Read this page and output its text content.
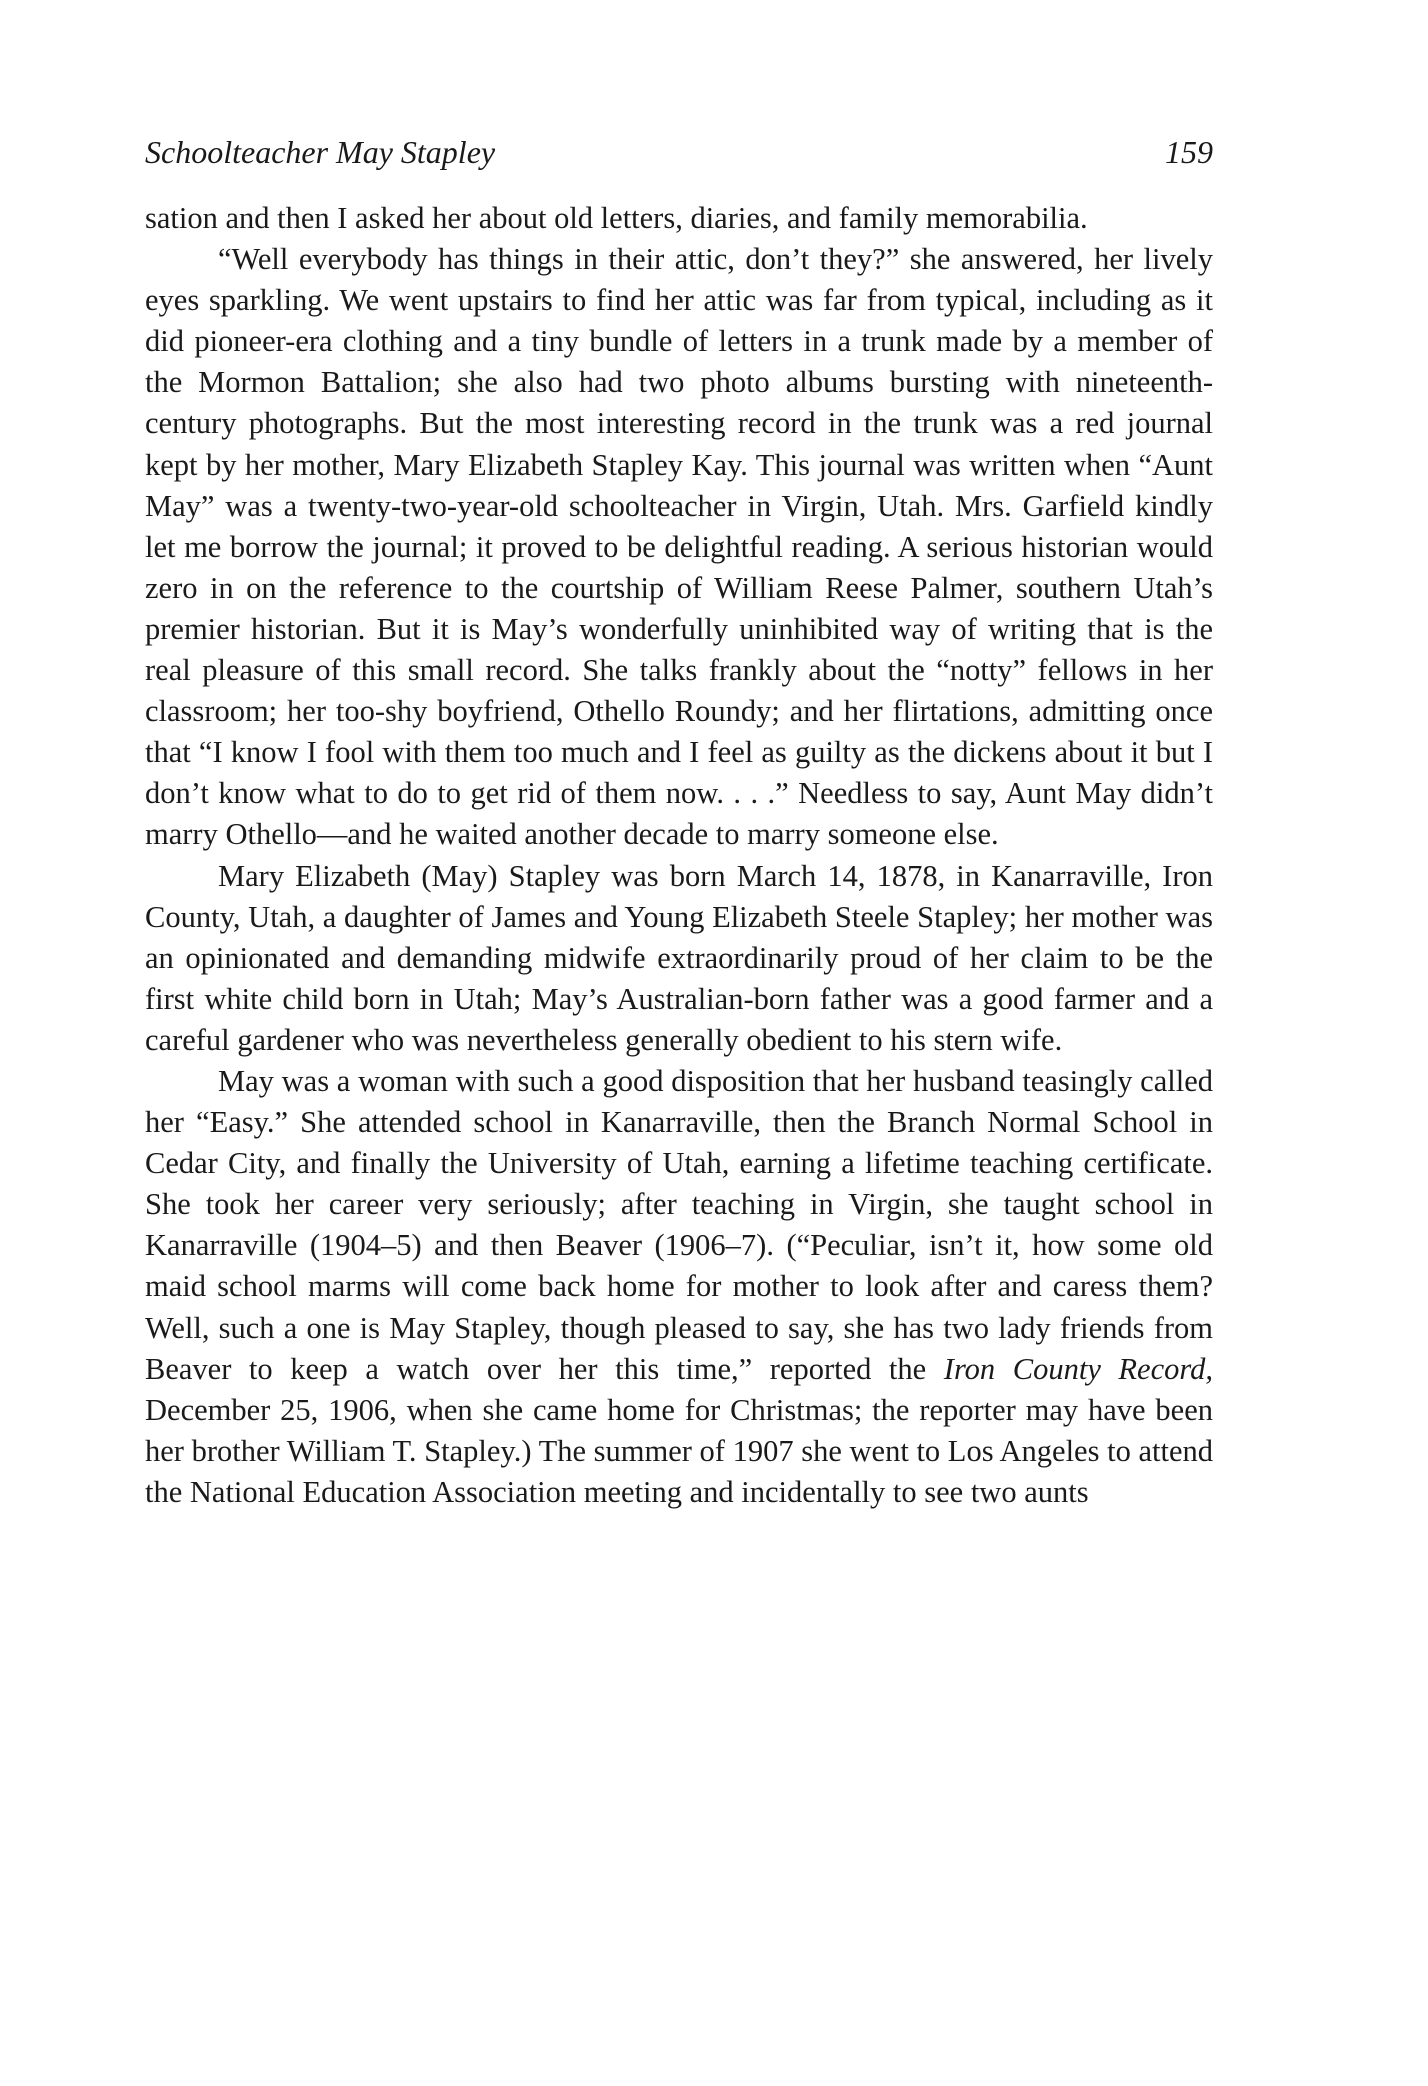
Schoolteacher May Stapley	159

sation and then I asked her about old letters, diaries, and family memorabilia.

“Well everybody has things in their attic, don’t they?” she answered, her lively eyes sparkling. We went upstairs to find her attic was far from typical, including as it did pioneer-era clothing and a tiny bundle of letters in a trunk made by a member of the Mormon Battalion; she also had two photo albums bursting with nineteenth-century photographs. But the most interesting record in the trunk was a red journal kept by her mother, Mary Elizabeth Stapley Kay. This journal was written when “Aunt May” was a twenty-two-year-old schoolteacher in Virgin, Utah. Mrs. Garfield kindly let me borrow the journal; it proved to be delightful reading. A serious historian would zero in on the reference to the courtship of William Reese Palmer, southern Utah’s premier historian. But it is May’s wonderfully uninhibited way of writing that is the real pleasure of this small record. She talks frankly about the “notty” fellows in her classroom; her too-shy boyfriend, Othello Roundy; and her flirtations, admitting once that “I know I fool with them too much and I feel as guilty as the dickens about it but I don’t know what to do to get rid of them now. . . .” Needless to say, Aunt May didn’t marry Othello—and he waited another decade to marry someone else.

Mary Elizabeth (May) Stapley was born March 14, 1878, in Kanarraville, Iron County, Utah, a daughter of James and Young Elizabeth Steele Stapley; her mother was an opinionated and demanding midwife extraordinarily proud of her claim to be the first white child born in Utah; May’s Australian-born father was a good farmer and a careful gardener who was nevertheless generally obedient to his stern wife.

May was a woman with such a good disposition that her husband teasingly called her “Easy.” She attended school in Kanarraville, then the Branch Normal School in Cedar City, and finally the University of Utah, earning a lifetime teaching certificate. She took her career very seriously; after teaching in Virgin, she taught school in Kanarraville (1904–5) and then Beaver (1906–7). (“Peculiar, isn’t it, how some old maid school marms will come back home for mother to look after and caress them? Well, such a one is May Stapley, though pleased to say, she has two lady friends from Beaver to keep a watch over her this time,” reported the Iron County Record, December 25, 1906, when she came home for Christmas; the reporter may have been her brother William T. Stapley.) The summer of 1907 she went to Los Angeles to attend the National Education Association meeting and incidentally to see two aunts
